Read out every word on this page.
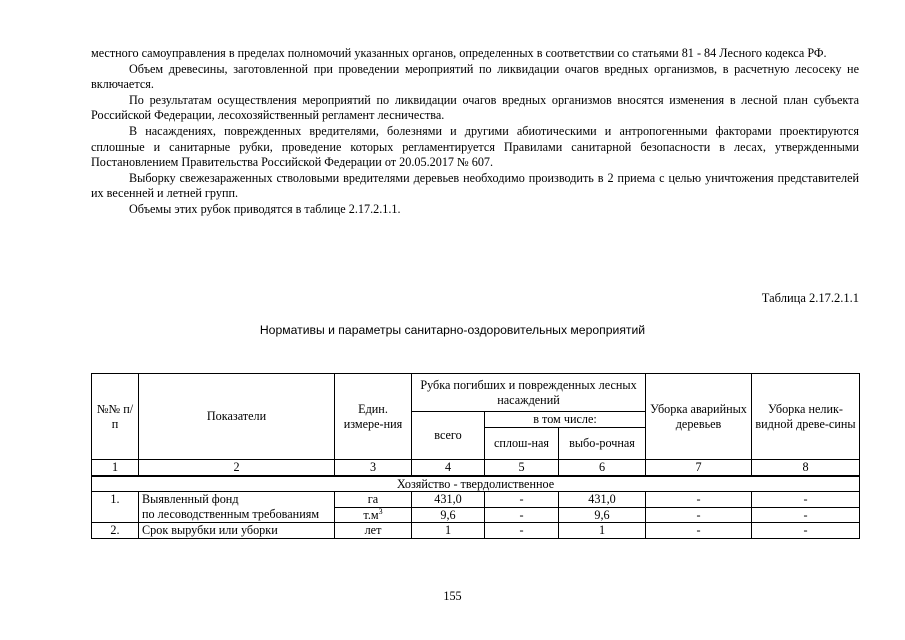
местного самоуправления в пределах полномочий указанных органов, определенных в соответствии со статьями 81 - 84 Лесного кодекса РФ.

Объем древесины, заготовленной при проведении мероприятий по ликвидации очагов вредных организмов, в расчетную лесосеку не включается.

По результатам осуществления мероприятий по ликвидации очагов вредных организмов вносятся изменения в лесной план субъекта Российской Федерации, лесохозяйственный регламент лесничества.

В насаждениях, поврежденных вредителями, болезнями и другими абиотическими и антропогенными факторами проектируются сплошные и санитарные рубки, проведение которых регламентируется Правилами санитарной безопасности в лесах, утвержденными Постановлением Правительства Российской Федерации от 20.05.2017 № 607.

Выборку свежезараженных стволовыми вредителями деревьев необходимо производить в 2 приема с целью уничтожения представителей их весенней и летней групп.

Объемы этих рубок приводятся в таблице 2.17.2.1.1.

Таблица 2.17.2.1.1
Нормативы и параметры санитарно-оздоровительных мероприятий
№№ п/п	Показатели	Един. измере-ния	Рубка погибших и поврежденных лесных насаждений			Уборка аварийных деревьев	Уборка нелик-видной древе-сины
			всего	в том числе:			
				сплош-ная	выбо-рочная		
1	2	3	4	5	6	7	8
Хозяйство - твердолиственное							
1.	Выявленный фонд	га	431,0	-	431,0	-	-
	по лесоводственным требованиям	$т.м^3$	9,6	-	9,6	-	-
2.	Срок вырубки или уборки	лет	1	-	1	-	-
155
